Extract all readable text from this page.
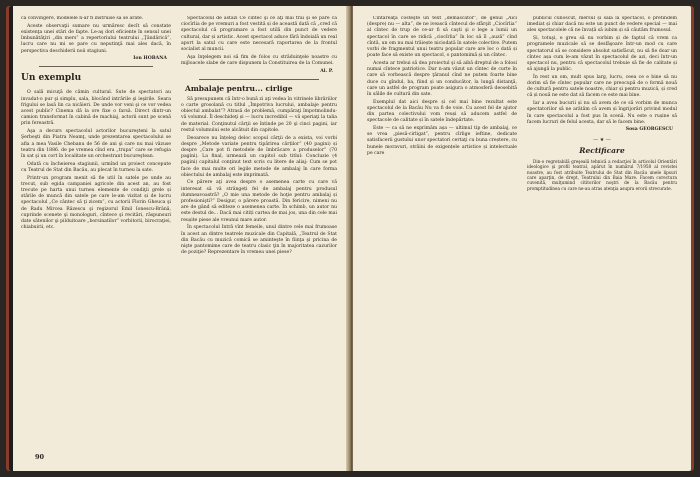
ca convingere, modelele n-ar fi instruise să se arate.

Aceste observaţii sumare nu urmăresc decît să constate existenţa unei stări de fapte. Le-aş dori eficiente în sensul unei îmbunătăţiri „din mers” a repertoriului teatrului „Ţăndărică”, lucru care nu mi se pare cu neputinţă mai ales dacă, în perspectiva deschiderii noii stagiuni.

Ion HOBANA
Un exemplu

O sală micuţă de cămin cultural. Sute de spectatori au invadat-o pur şi simplu, sala, blocând intrările şi ieşirile. Seara frigului se lasă lin ca nicăieri. De unde vor veni şi ce vor vedea acest public? Cinema dă la ore fixe o farsă. Direct dintr-un camion transformat în cabină de machiaj, actorii sunt pe scenă prin fereastră.

Aşa a decurs spectacolul actorilor bucureşteni la satul Şerbeşti din Piatra Neamţ, unde prezentarea spectacolului se afla a mea Vasile Chebanu de 56 de ani şi care nu mai văzuse teatru din 1886. de pe vremea cînd era „trupa” care se refugia în sat şi un cort în localitate un orchestrant bucureştean.

Odată cu încheierea stagiunii, urmînd un proiect concepute cu Teatrul de Stat din Bacău, au plecat în turneu la sate.

Printr-un program menit să fie util în satele pe unde au trecut, sub egida campaniei agricole din acest an, au fost trecute pe harta unui turneu elemente de condiţii grele și stările de muncă din satele pe care le-am vizitat și de lucru spectacolul „Ce cântec să ţi zicem”, cu actorii Florin Gheuca şi de Radu Mircea Răzescu şi regizorul Emil Ionescu-Brână, cuprinde scenete şi monologuri, cîntece şi recitări, răspunsuri date sătenilor şi pilduitoare „borsinatilor” vorbitorii, birocraţiei, chiabuirii, etc.

Spectacolul de astăzi Ce cîntec şi ce aţi mai trăi şi se pare că ciocîrlia de pe vremuri a fost vestită și de această dată că „cred că spectacolul că programare a fost utilă din punct de vedere cultural, dar și artistic. Acest spectacol aduce fără îndoială un real aport la satul cu care este necesară raportarea de la frontul socialist al muncii.

Aşa înţelegem noi să fim de folos cu străduinţele noastre cu mijloacele slabe de care dispunem la Constituirea de la Comunei.

Al. P.
Ambalaje pentru... cirlige

Să presupunem că într-o bună zi aţi vedea în vitrinele librăriilor o carte grosolană cu titlul „Împotriva lucrului, ambalaje pentru obiectul ambalat”? Atrasă de problemă, cumpăraţi împotmolindu-vă volumul. Îl deschideţi și — lucru incredibil — vă speriaţi la talia de material. Conţinutul cărţii se întinde pe 20 şi cinci pagini, iar restul volumului este alcătuit din capitole.

Deoarece nu înțeleg deloc scopul cărţii de a exista, voi vorbi despre „Metode variate pentru tipărirea cărților” (40 pagini) și despre „Care pot fi metodele de îmbrăcare a produselor” (70 pagini). La final, urmează un capitol sub titlul: Concluzie (4 pagini) capitalul conţinut text scris cu litere de aliaj: Cum se pot face de mai multe ori legile metode de ambalaj în care forma obiectului de ambalaj este imprimată.

Ce părere aţi avea despre o asemenea carte cu care vă interesat să vă strângeți fel de ambalaj pentru produsul dumneavoastră? „O mie una metode de hoţie pentru ambalaj și profesionişti?” Desigur, o părere proastă. Din fericire, nimeni nu are de gând să editeze o asemenea carte. În schimb, un autor nu este destul de... Dacă mai citiți cartea de mai jos, una din cele mai reușite piese ale vreunui mare autor.

În spectacolul Intră vînt femeile, unul dintre cele mai frumoase în acest an dintre teatrele muzicale din Capitală, „Teatrul de Stat din Bacău cu muzică comică se aminteşte în fiinţa şi pricina de nişte pantomime care de teatru clasic ţin în majoritatea cazurilor de poziţie? Reprezentare în vremea unei piese?

90

Cîntăreaţa costeşte un text „demascator”, de genul „Aici (despre) nu — alta”, de ne ivească cîntecul de sfârşit „Ciocîrlia” al cîntec de trup de ce-ar fi să caşti şi o lege a lumii un spectacol în care se ridică „ciocîrlia” în loc să îl „auză” cînd cîntă, un om nu mai trăiește niciodată în satele colective. Putem vorbi de fragmentul unui teatru popular care are loc o dată și poate face să existe un spectacol, o pantomimă și un cîntec.

Acesta ar trebui să dea proiectul şi să aibă dreptul de a folosi numai cîntece patriotice. Dar n-am văzut un cîntec de curte în care să vorbească despre ţăranul cînd ne putem foarte bine duce cu gîndul, ba, fiind și un conducător, la lungă distanţă, care un astfel de program poate asigura o atmosferă deosebită în sălile de cultură din sate.

Exemplul dat aici despre și cel mai bine rezultat este spectacolul de la Bacău Nu va fi de voie. Cu acest fel de ajutor din partea colectivului vom reuși să aducem astfel de spectacole de calitate și în satele îndepărtate.

Este — ca să ne exprimăm așa — ultimul tip de ambalaj, ce se vrea „piesă-cirligat”, pentru cîrlige ieftine, dedicate satisfacerii gustului unor spectatori certaţi cu buna creștere, cu bunele moravuri, străini de exigențele artistice și intelectuale pe care

publicul cunoscut, mersul și sală la spectacol, o pretindem imediat și chiar dacă nu este un punct de vedere special — mai ales spectacolele că ne învață să iubim și să căutăm frumosul.

Și, totuşi, e greu să nu vorbim și de faptul că vrem ca programele muzicale să se desfăşoare într-un mod cu care spectatorul să se considere absolut satisfăcut, nu să fie doar un cîntec așa cum le-am văzut în spectacolul de azi, deci într-un spectacol nu, pentru că spectacolul trebuie să fie de calitate și să ajungă la public.

În rest un om, mult spus larg, lucru, ceea ce e bine să nu dorim să fie cîntec popular care ne preocupă de o formă nouă de cultură pentru satele noastre, chiar și pentru muzică, și cred că și nouă ne este dat să facem ce este mai bine.

Iar a avea bucurii și nu să avem de ce să vorbim de munca spectatorilor să ne arătăm că avem și îngrijorări privind modul în care spectacolul a fost pus în scenă. Nu este o rușine să facem lucruri de felul acesta, dar să le facem bine.

Sosa GEORGESCU
— ★ —
Rectificare

Din-o regretabilă greşeală tehnică a redacţiei în articolul Orientări ideologice şi profil teatral, apărut în numărul 7/1958 al revistei noastre, au fost atribuite Teatrului de Stat din Bacău unele lipsuri care aparţin, de drept, Teatrului din Baia Mare. Facem corectura cuvenită, mulţumind cititorilor noştri de la Bacău pentru promptitudinea cu care ne-au atras atenţia asupra erorii strecurate.
